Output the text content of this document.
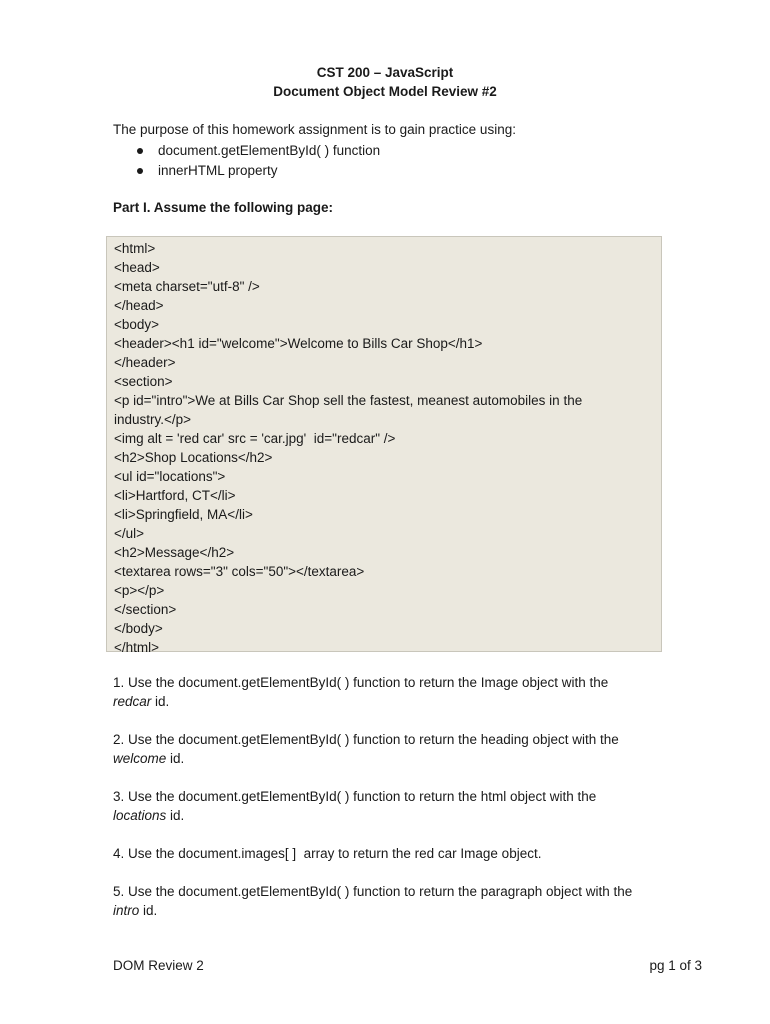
CST 200 – JavaScript
Document Object Model Review #2
The purpose of this homework assignment is to gain practice using:
document.getElementById( ) function
innerHTML property
Part I. Assume the following page:
<html>
<head>
<meta charset="utf-8" />
</head>
<body>
<header><h1 id="welcome">Welcome to Bills Car Shop</h1>
</header>
<section>
<p id="intro">We at Bills Car Shop sell the fastest, meanest automobiles in the
industry.</p>
<img alt = 'red car' src = 'car.jpg'  id="redcar" />
<h2>Shop Locations</h2>
<ul id="locations">
<li>Hartford, CT</li>
<li>Springfield, MA</li>
</ul>
<h2>Message</h2>
<textarea rows="3" cols="50"></textarea>
<p></p>
</section>
</body>
</html>
1. Use the document.getElementById( ) function to return the Image object with the
redcar id.
2. Use the document.getElementById( ) function to return the heading object with the
welcome id.
3. Use the document.getElementById( ) function to return the html object with the
locations id.
4. Use the document.images[ ]  array to return the red car Image object.
5. Use the document.getElementById( ) function to return the paragraph object with the
intro id.
DOM Review 2	pg 1 of 3
